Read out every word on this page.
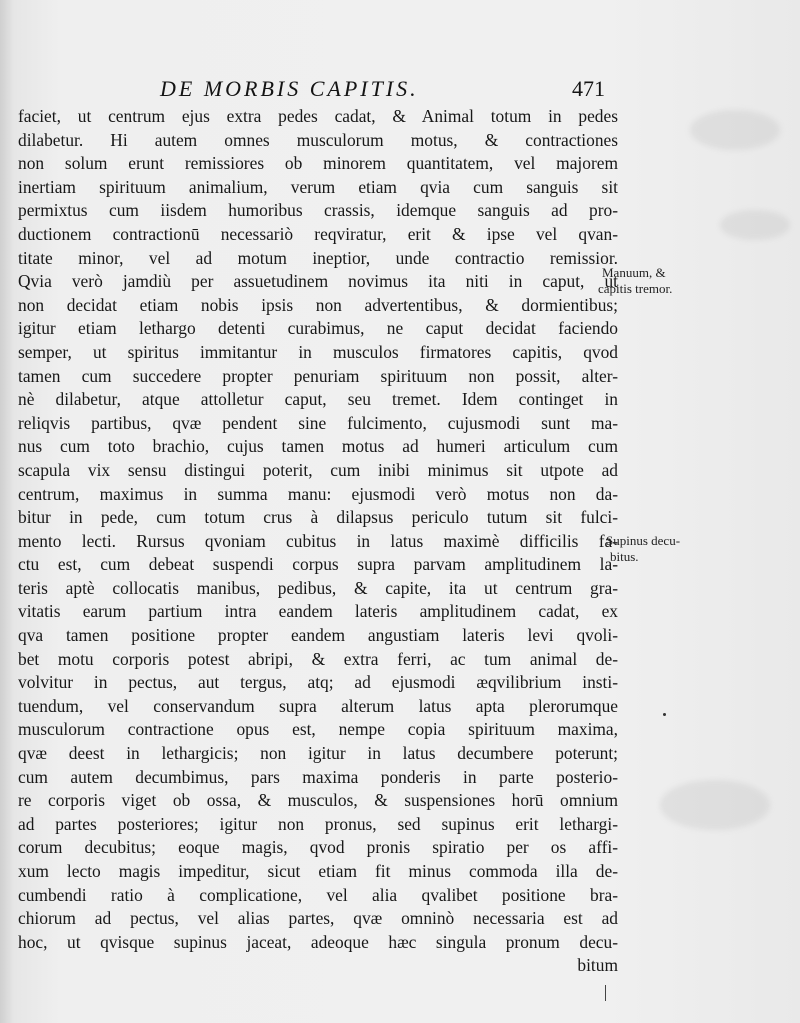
DE MORBIS CAPITIS.	471
faciet, ut centrum ejus extra pedes cadat, & Animal totum in pedes
dilabetur. Hi autem omnes musculorum motus, & contractiones
non solum erunt remissiores ob minorem quantitatem, vel majorem
inertiam spirituum animalium, verum etiam qvia cum sanguis sit
permixtus cum iisdem humoribus crassis, idemque sanguis ad pro-
ductionem contractionū necessariò reqviratur, erit & ipse vel qvan-
titate minor, vel ad motum ineptior, unde contractio remissior.
Qvia verò jamdiù per assuetudinem novimus ita niti in caput, ut
non decidat etiam nobis ipsis non advertentibus, & dormientibus;
igitur etiam lethargo detenti curabimus, ne caput decidat faciendo
semper, ut spiritus immitantur in musculos firmatores capitis, qvod
tamen cum succedere propter penuriam spirituum non possit, alter-
nè dilabetur, atque attolletur caput, seu tremet. Idem continget in
reliqvis partibus, qvæ pendent sine fulcimento, cujusmodi sunt ma-
nus cum toto brachio, cujus tamen motus ad humeri articulum cum
scapula vix sensu distingui poterit, cum inibi minimus sit utpote ad
centrum, maximus in summa manu: ejusmodi verò motus non da-
bitur in pede, cum totum crus à dilapsus periculo tutum sit fulci-
mento lecti. Rursus qvoniam cubitus in latus maximè difficilis fa-
ctu est, cum debeat suspendi corpus supra parvam amplitudinem la-
teris aptè collocatis manibus, pedibus, & capite, ita ut centrum gra-
vitatis earum partium intra eandem lateris amplitudinem cadat, ex
qva tamen positione propter eandem angustiam lateris levi qvoli-
bet motu corporis potest abripi, & extra ferri, ac tum animal de-
volvitur in pectus, aut tergus, atq; ad ejusmodi æqvilibrium insti-
tuendum, vel conservandum supra alterum latus apta plerorumque
musculorum contractione opus est, nempe copia spirituum maxima,
qvæ deest in lethargicis; non igitur in latus decumbere poterunt;
cum autem decumbimus, pars maxima ponderis in parte posterio-
re corporis viget ob ossa, & musculos, & suspensiones horū omnium
ad partes posteriores; igitur non pronus, sed supinus erit lethargi-
corum decubitus; eoque magis, qvod pronis spiratio per os affi-
xum lecto magis impeditur, sicut etiam fit minus commoda illa de-
cumbendi ratio à complicatione, vel alia qvalibet positione bra-
chiorum ad pectus, vel alias partes, qvæ omninò necessaria est ad
hoc, ut qvisque supinus jaceat, adeoque hæc singula pronum decu-
bitum
Manuum, &
capitis tremor.
Supinus decu-
bitus.
